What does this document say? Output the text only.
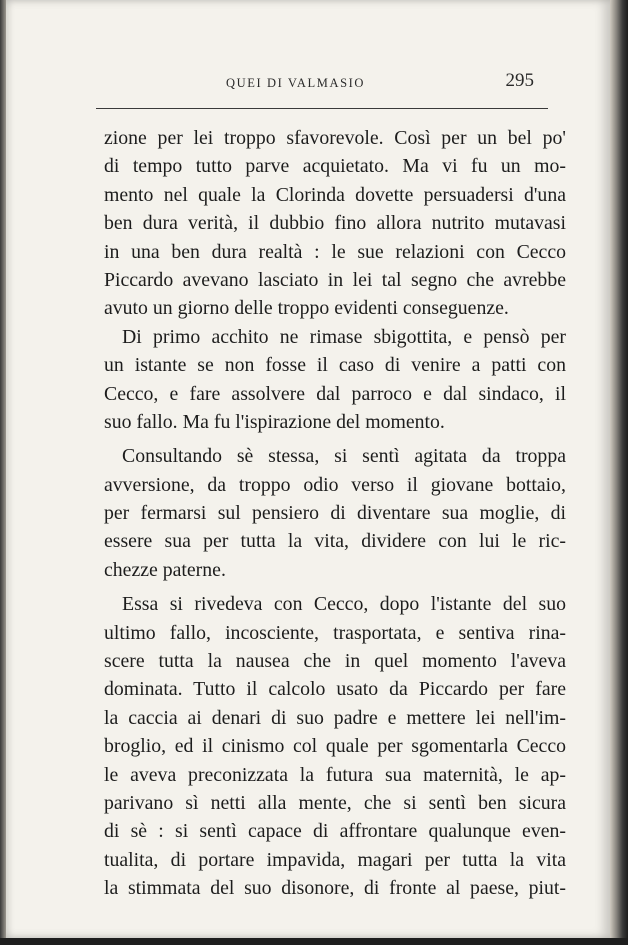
QUEI DI VALMASIO	295
zione per lei troppo sfavorevole. Così per un bel po'
di tempo tutto parve acquietato. Ma vi fu un mo-
mento nel quale la Clorinda dovette persuadersi d'una
ben dura verità, il dubbio fino allora nutrito mutavasi
in una ben dura realtà : le sue relazioni con Cecco
Piccardo avevano lasciato in lei tal segno che avrebbe
avuto un giorno delle troppo evidenti conseguenze.
Di primo acchito ne rimase sbigottita, e pensò per
un istante se non fosse il caso di venire a patti con
Cecco, e fare assolvere dal parroco e dal sindaco, il
suo fallo. Ma fu l'ispirazione del momento.
Consultando sè stessa, si sentì agitata da troppa
avversione, da troppo odio verso il giovane bottaio,
per fermarsi sul pensiero di diventare sua moglie, di
essere sua per tutta la vita, dividere con lui le ric-
chezze paterne.
Essa si rivedeva con Cecco, dopo l'istante del suo
ultimo fallo, incosciente, trasportata, e sentiva rina-
scere tutta la nausea che in quel momento l'aveva
dominata. Tutto il calcolo usato da Piccardo per fare
la caccia ai denari di suo padre e mettere lei nell'im-
broglio, ed il cinismo col quale per sgomentarla Cecco
le aveva preconizzata la futura sua maternità, le ap-
parivano sì netti alla mente, che si sentì ben sicura
di sè : si sentì capace di affrontare qualunque even-
tualita, di portare impavida, magari per tutta la vita
la stimmata del suo disonore, di fronte al paese, piut-
